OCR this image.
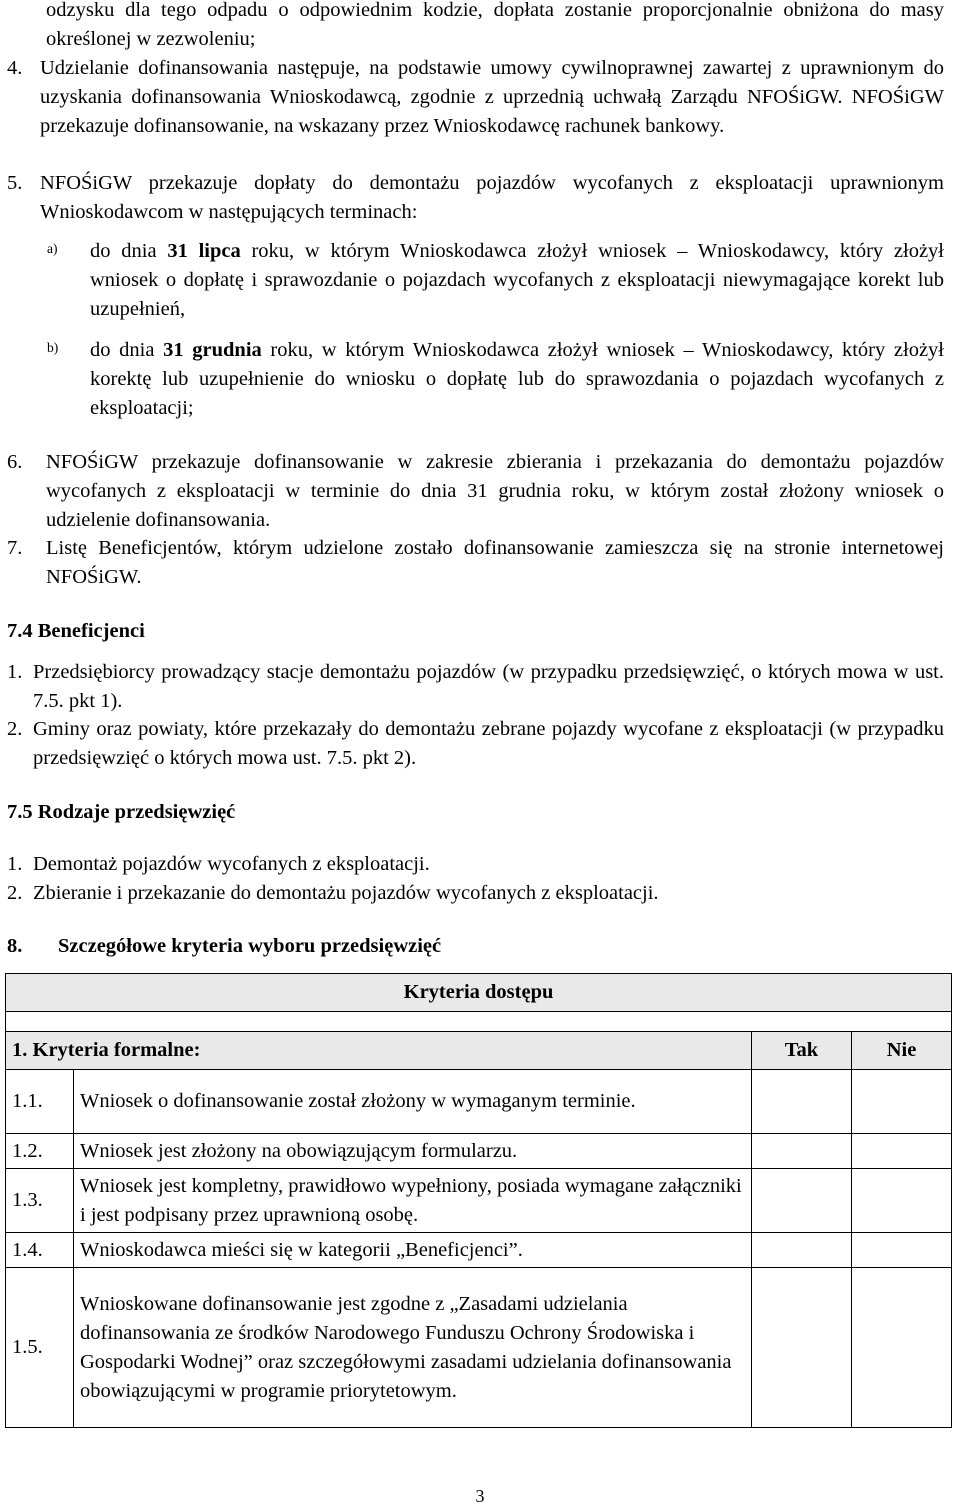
odzysku dla tego odpadu o odpowiednim kodzie, dopłata zostanie proporcjonalnie obniżona do masy określonej w zezwoleniu;
4. Udzielanie dofinansowania następuje, na podstawie umowy cywilnoprawnej zawartej z uprawnionym do uzyskania dofinansowania Wnioskodawcą, zgodnie z uprzednią uchwałą Zarządu NFOŚiGW. NFOŚiGW przekazuje dofinansowanie, na wskazany przez Wnioskodawcę rachunek bankowy.
5. NFOŚiGW przekazuje dopłaty do demontażu pojazdów wycofanych z eksploatacji uprawnionym Wnioskodawcom w następujących terminach:
a) do dnia 31 lipca roku, w którym Wnioskodawca złożył wniosek – Wnioskodawcy, który złożył wniosek o dopłatę i sprawozdanie o pojazdach wycofanych z eksploatacji niewymagające korekt lub uzupełnień,
b) do dnia 31 grudnia roku, w którym Wnioskodawca złożył wniosek – Wnioskodawcy, który złożył korektę lub uzupełnienie do wniosku o dopłatę lub do sprawozdania o pojazdach wycofanych z eksploatacji;
6. NFOŚiGW przekazuje dofinansowanie w zakresie zbierania i przekazania do demontażu pojazdów wycofanych z eksploatacji w terminie do dnia 31 grudnia roku, w którym został złożony wniosek o udzielenie dofinansowania.
7. Listę Beneficjentów, którym udzielone zostało dofinansowanie zamieszcza się na stronie internetowej NFOŚiGW.
7.4 Beneficjenci
1. Przedsiębiorcy prowadzący stacje demontażu pojazdów (w przypadku przedsięwzięć, o których mowa w ust. 7.5. pkt 1).
2. Gminy oraz powiaty, które przekazały do demontażu zebrane pojazdy wycofane z eksploatacji (w przypadku przedsięwzięć o których mowa ust. 7.5. pkt 2).
7.5 Rodzaje przedsięwzięć
1. Demontaż pojazdów wycofanych z eksploatacji.
2. Zbieranie i przekazanie do demontażu pojazdów wycofanych z eksploatacji.
8. Szczegółowe kryteria wyboru przedsięwzięć
Kryteria dostępu			

1. Kryteria formalne:		Tak	Nie
1.1.	Wniosek o dofinansowanie został złożony w wymaganym terminie.		
1.2.	Wniosek jest złożony na obowiązującym formularzu.		
1.3.	Wniosek jest kompletny, prawidłowo wypełniony, posiada wymagane załączniki i jest podpisany przez uprawnioną osobę.		
1.4.	Wnioskodawca mieści się w kategorii „Beneficjenci”.		
1.5.	Wnioskowane dofinansowanie jest zgodne z „Zasadami udzielania dofinansowania ze środków Narodowego Funduszu Ochrony Środowiska i Gospodarki Wodnej” oraz szczegółowymi zasadami udzielania dofinansowania obowiązującymi w programie priorytetowym.		
3
